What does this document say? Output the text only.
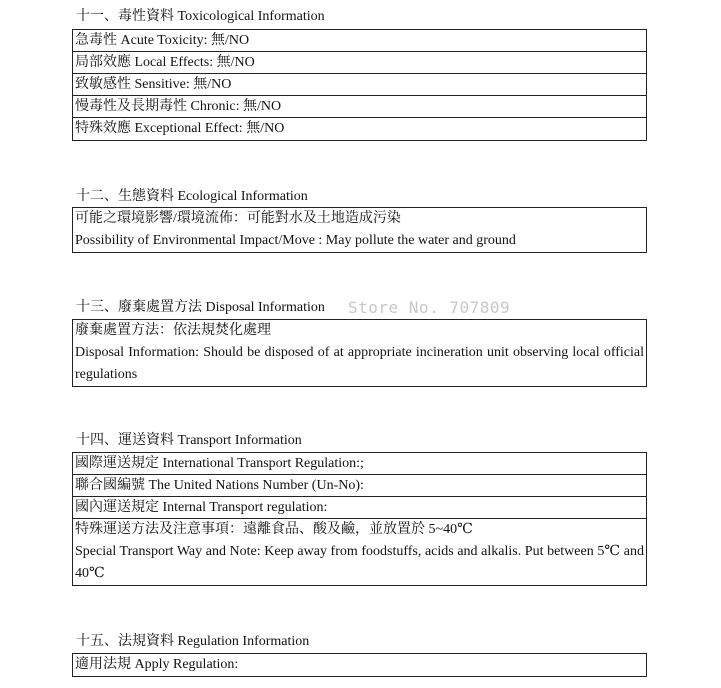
十一、毒性資料 Toxicological Information
急毒性 Acute Toxicity: 無/NO
局部效應 Local Effects: 無/NO
致敏感性 Sensitive: 無/NO
慢毒性及長期毒性 Chronic: 無/NO
特殊效應 Exceptional Effect: 無/NO
十二、生態資料 Ecological Information
可能之環境影響/環境流佈：可能對水及土地造成污染
Possibility of Environmental Impact/Move : May pollute the water and ground
十三、廢棄處置方法 Disposal Information Store No. 707809
廢棄處置方法：依法規焚化處理
Disposal Information: Should be disposed of at appropriate incineration unit observing local official regulations
十四、運送資料 Transport Information
國際運送規定 International Transport Regulation:;
聯合國編號 The United Nations Number (Un-No):
國內運送規定 Internal Transport regulation:
特殊運送方法及注意事項：遠離食品、酸及鹼，並放置於 5~40℃
Special Transport Way and Note: Keep away from foodstuffs, acids and alkalis. Put between 5℃ and 40℃
十五、法規資料 Regulation Information
適用法規 Apply Regulation:
